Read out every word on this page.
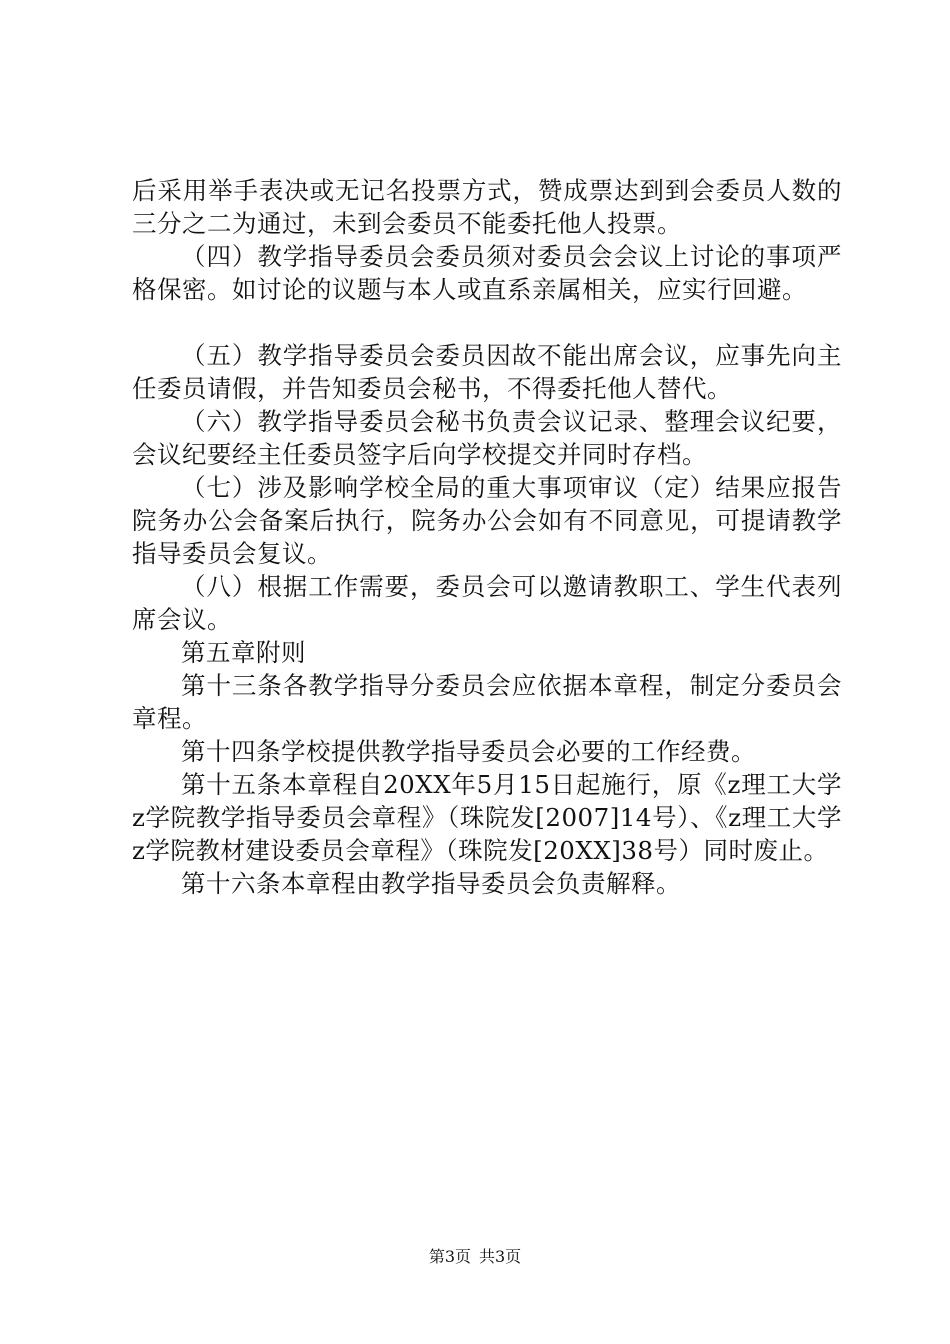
后采用举手表决或无记名投票方式，赞成票达到到会委员人数的三分之二为通过，未到会委员不能委托他人投票。

（四）教学指导委员会委员须对委员会会议上讨论的事项严格保密。如讨论的议题与本人或直系亲属相关，应实行回避。

（五）教学指导委员会委员因故不能出席会议，应事先向主任委员请假，并告知委员会秘书，不得委托他人替代。

（六）教学指导委员会秘书负责会议记录、整理会议纪要，会议纪要经主任委员签字后向学校提交并同时存档。

（七）涉及影响学校全局的重大事项审议（定）结果应报告院务办公会备案后执行，院务办公会如有不同意见，可提请教学指导委员会复议。

（八）根据工作需要，委员会可以邀请教职工、学生代表列席会议。

第五章附则

第十三条各教学指导分委员会应依据本章程，制定分委员会章程。

第十四条学校提供教学指导委员会必要的工作经费。

第十五条本章程自20XX年5月15日起施行，原《z理工大学z学院教学指导委员会章程》（珠院发[2007]14号）、《z理工大学z学院教材建设委员会章程》（珠院发[20XX]38号）同时废止。

第十六条本章程由教学指导委员会负责解释。

第3页 共3页
